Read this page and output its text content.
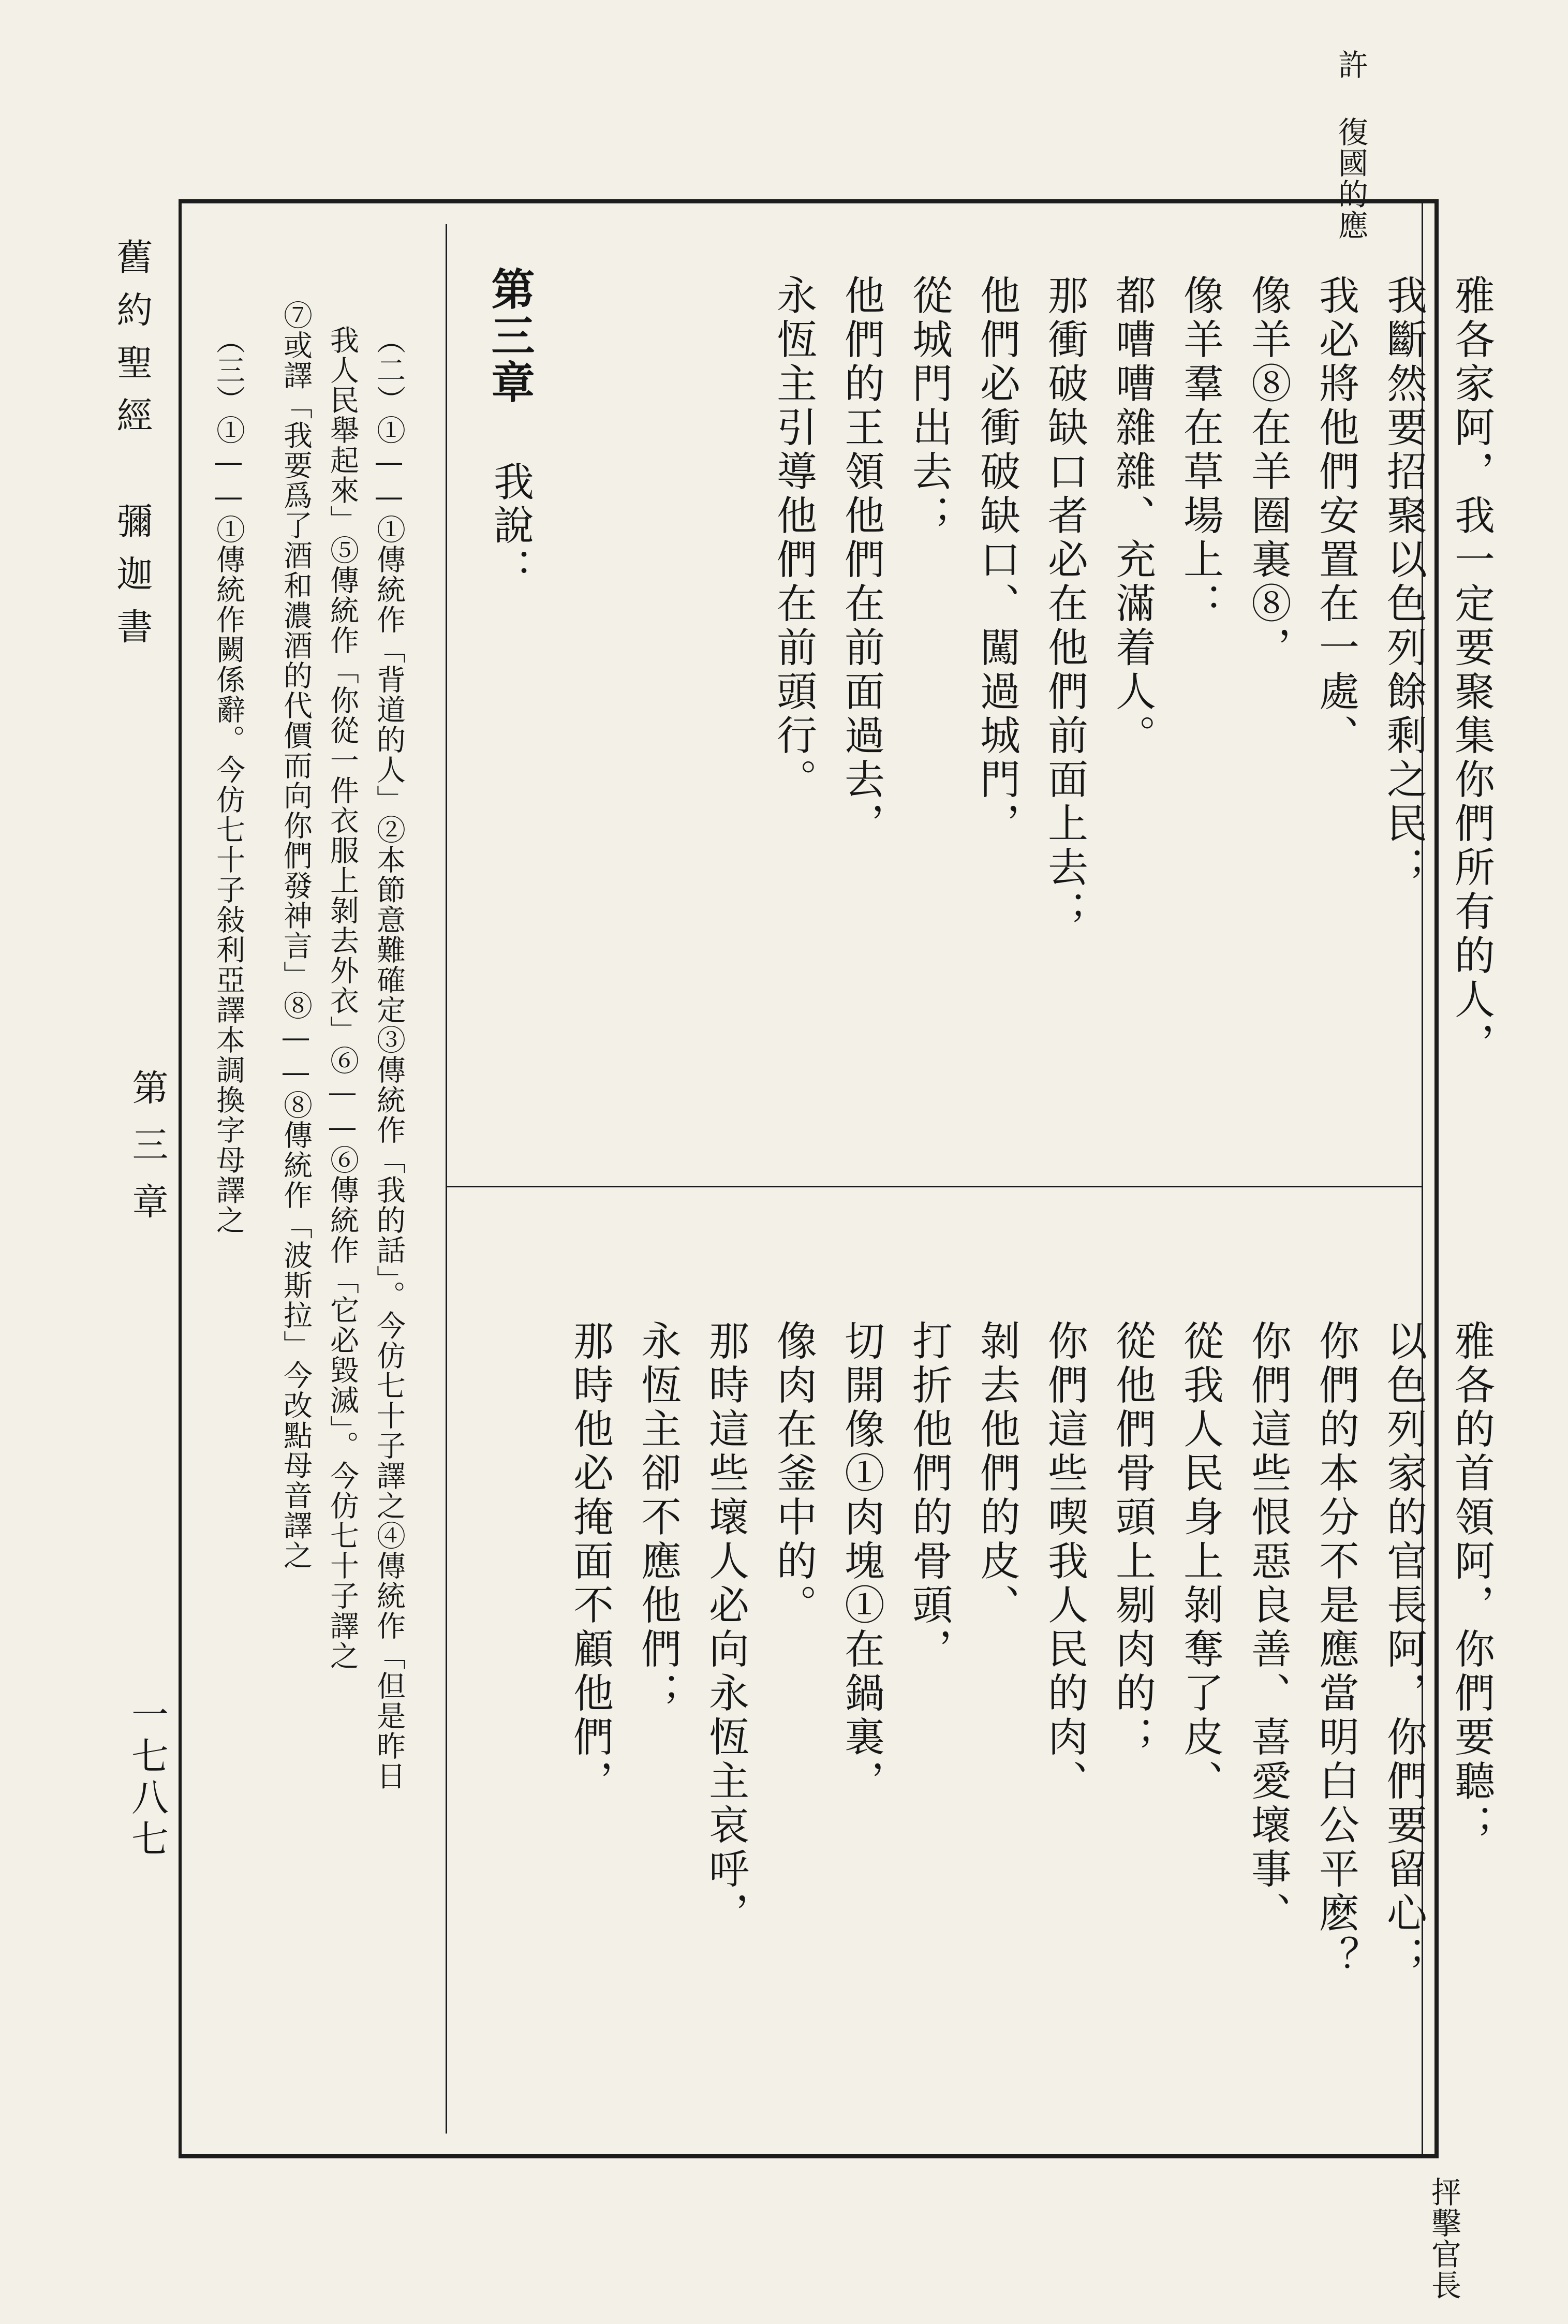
許 復國的應
抨擊官長
舊約聖經　彌迦書
第三章
一七八七
雅各家阿，我一定要聚集你們所有的人，
我斷然要招聚以色列餘剩之民；
我必將他們安置在一處、
像羊⑧在羊圈裏⑧，
像羊羣在草場上：
都嘈嘈雜雜、充滿着人。
那衝破缺口者必在他們前面上去；
他們必衝破缺口、闖過城門，
從城門出去；
他們的王領他們在前面過去，
永恆主引導他們在前頭行。
第三章
我說：
雅各的首領阿，你們要聽；
以色列家的官長阿，你們要留心；
你們的本分不是應當明白公平麽？
你們這些恨惡良善、喜愛壞事、
從我人民身上剝奪了皮、
從他們骨頭上剔肉的；
你們這些喫我人民的肉、
剝去他們的皮、
打折他們的骨頭，
切開像①肉塊①在鍋裏，
像肉在釜中的。
那時這些壞人必向永恆主哀呼，
永恆主卻不應他們；
那時他必掩面不顧他們，
（二）①——①傳統作「背道的人」②本節意難確定③傳統作「我的話」。今仿七十子譯之④傳統作「但是昨日
我人民舉起來」⑤傳統作「你從一件衣服上剝去外衣」⑥——⑥傳統作「它必毀滅」。今仿七十子譯之
⑦或譯「我要爲了酒和濃酒的代價而向你們發神言」⑧——⑧傳統作「波斯拉」今改點母音譯之
（三）①——①傳統作闕係辭。今仿七十子敍利亞譯本調換字母譯之
